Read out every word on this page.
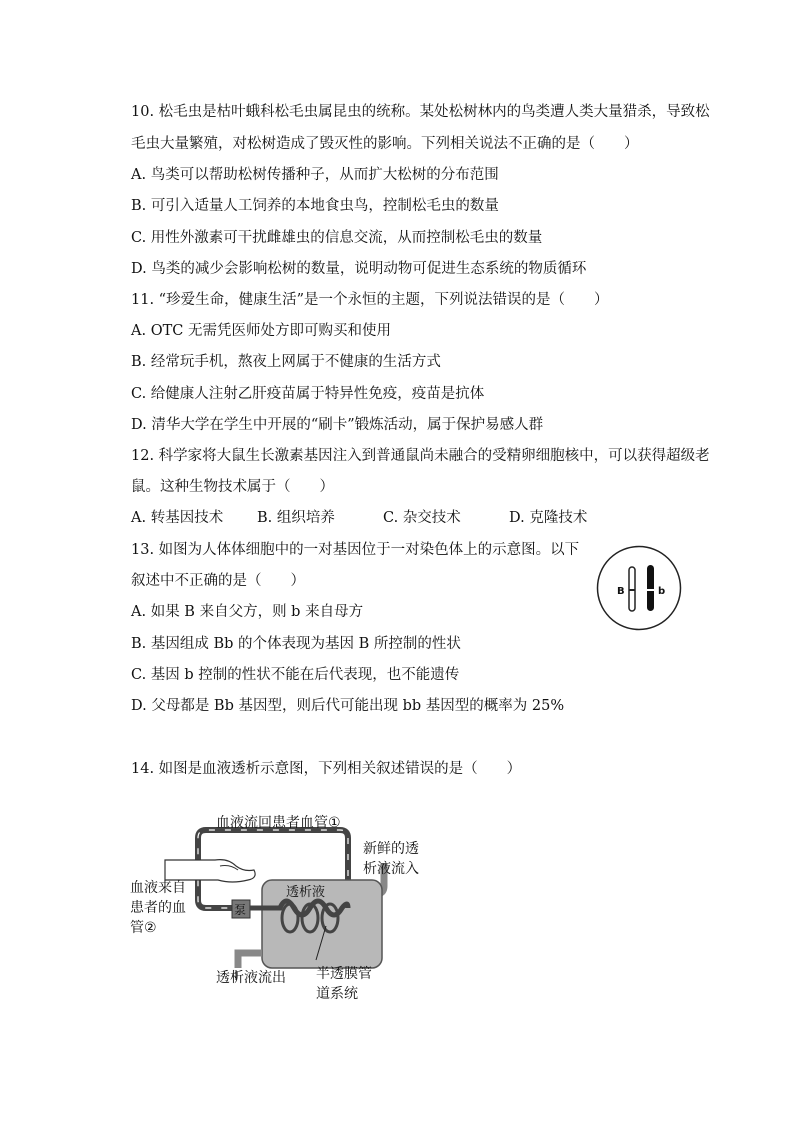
10. 松毛虫是枯叶蛾科松毛虫属昆虫的统称。某处松树林内的鸟类遭人类大量猎杀，导致松
毛虫大量繁殖，对松树造成了毁灭性的影响。下列相关说法不正确的是（　　）
A. 鸟类可以帮助松树传播种子，从而扩大松树的分布范围
B. 可引入适量人工饲养的本地食虫鸟，控制松毛虫的数量
C. 用性外激素可干扰雌雄虫的信息交流，从而控制松毛虫的数量
D. 鸟类的减少会影响松树的数量，说明动物可促进生态系统的物质循环
11. “珍爱生命，健康生活”是一个永恒的主题，下列说法错误的是（　　）
A. OTC 无需凭医师处方即可购买和使用
B. 经常玩手机，熬夜上网属于不健康的生活方式
C. 给健康人注射乙肝疫苗属于特异性免疫，疫苗是抗体
D. 清华大学在学生中开展的“刷卡”锻炼活动，属于保护易感人群
12. 科学家将大鼠生长激素基因注入到普通鼠尚未融合的受精卵细胞核中，可以获得超级老
鼠。这种生物技术属于（　　）
A. 转基因技术 B. 组织培养	C. 杂交技术	D. 克隆技术
13. 如图为人体体细胞中的一对基因位于一对染色体上的示意图。以下
叙述中不正确的是（　　）
A. 如果 B 来自父方，则 b 来自母方
B. 基因组成 Bb 的个体表现为基因 B 所控制的性状
C. 基因 b 控制的性状不能在后代表现，也不能遗传
D. 父母都是 Bb 基因型，则后代可能出现 bb 基因型的概率为 25%
B	b
14. 如图是血液透析示意图，下列相关叙述错误的是（　　）
泵
透析液
血液流回患者血管①
新鲜的透
析液流入
血液来自
患者的血
管②
透析液流出 半透膜管
道系统
